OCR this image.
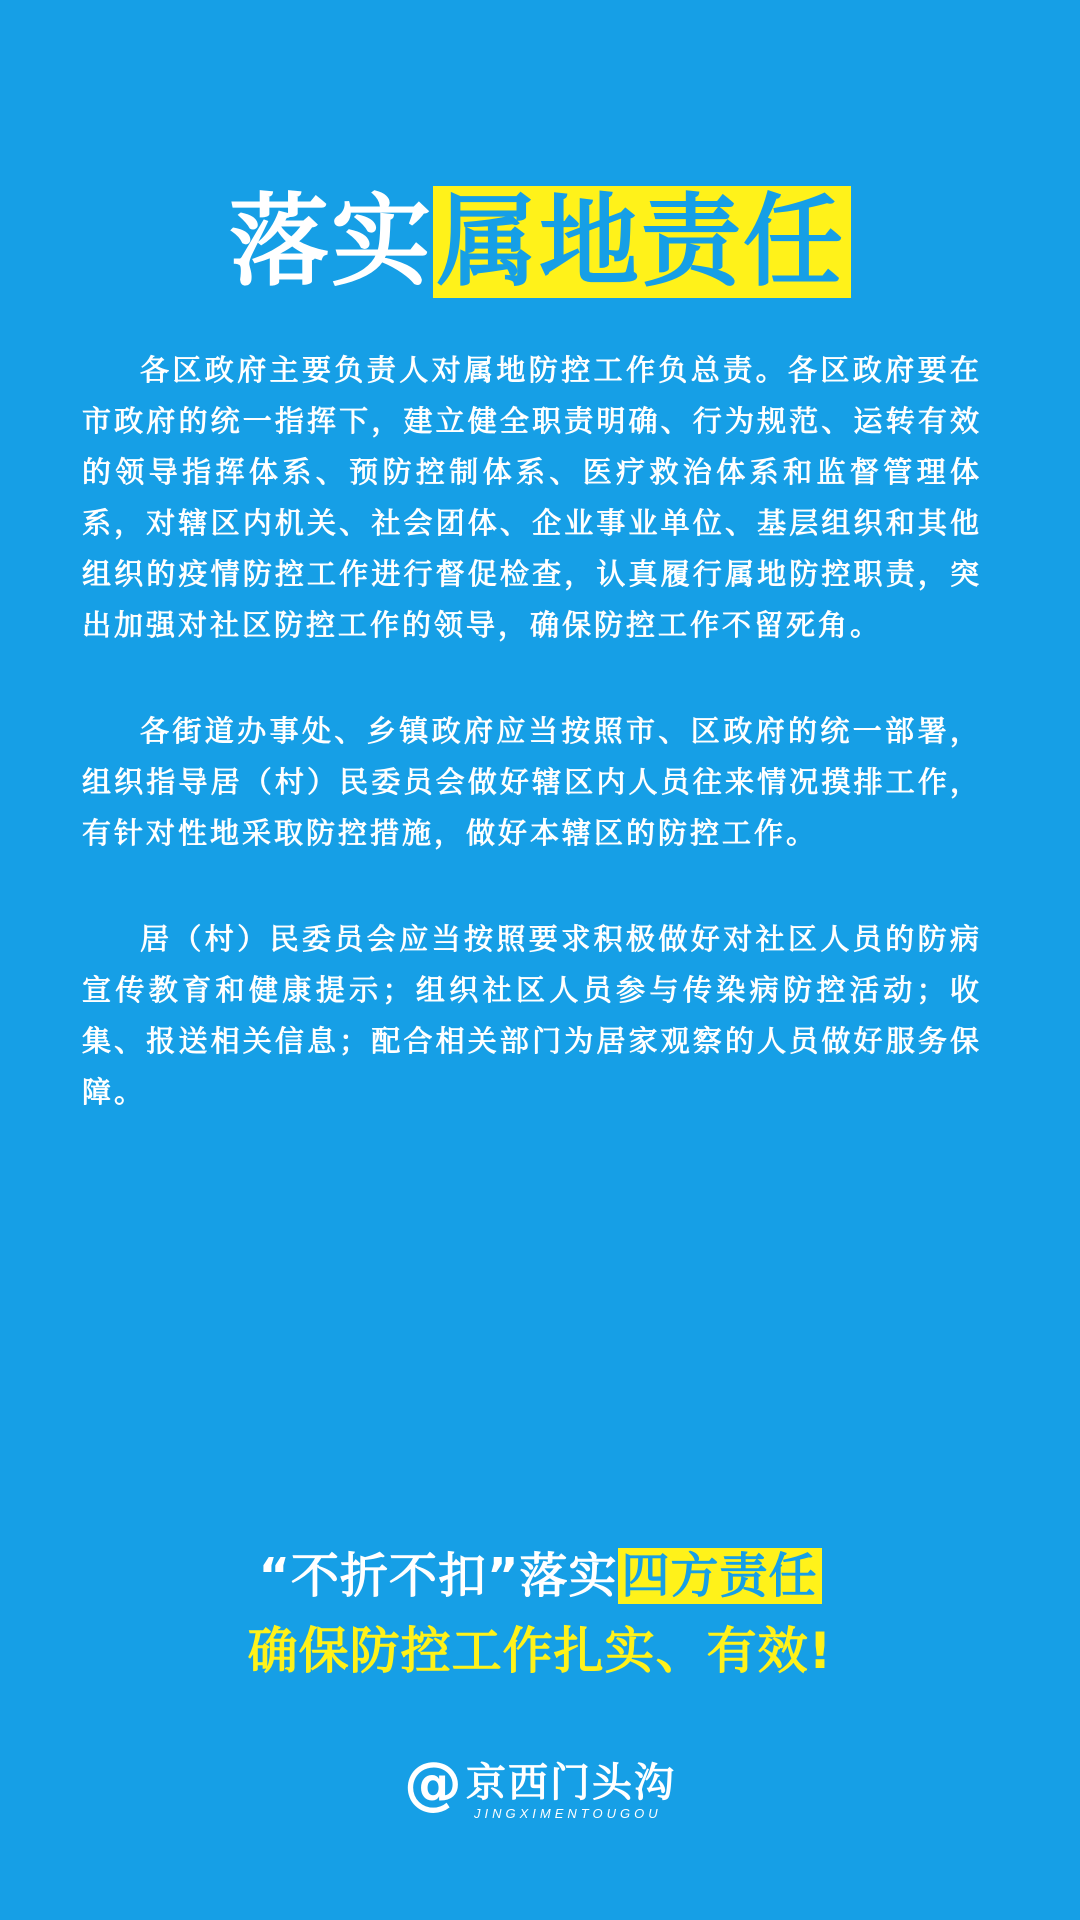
落实属地责任

各区政府主要负责人对属地防控工作负总责。各区政府要在市政府的统一指挥下，建立健全职责明确、行为规范、运转有效的领导指挥体系、预防控制体系、医疗救治体系和监督管理体系，对辖区内机关、社会团体、企业事业单位、基层组织和其他组织的疫情防控工作进行督促检查，认真履行属地防控职责，突出加强对社区防控工作的领导，确保防控工作不留死角。

各街道办事处、乡镇政府应当按照市、区政府的统一部署，组织指导居（村）民委员会做好辖区内人员往来情况摸排工作，有针对性地采取防控措施，做好本辖区的防控工作。

居（村）民委员会应当按照要求积极做好对社区人员的防病宣传教育和健康提示；组织社区人员参与传染病防控活动；收集、报送相关信息；配合相关部门为居家观察的人员做好服务保障。

“不折不扣”落实四方责任
确保防控工作扎实、有效!
@ 京西门头沟
JINGXIMENTOUGOU
